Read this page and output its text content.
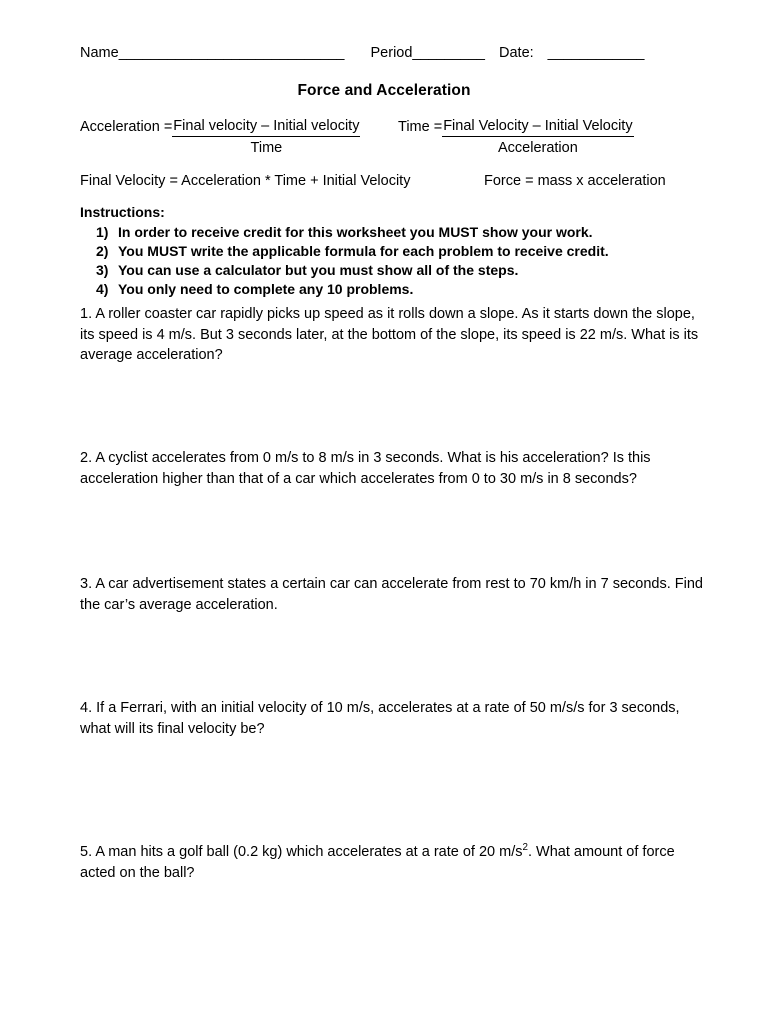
Name____________________________ Period_________ Date: ____________
Force and Acceleration
Acceleration = $\frac{\text{Final velocity – Initial velocity}}{\text{Time}}$	Time = $\frac{\text{Final Velocity – Initial Velocity}}{\text{Acceleration}}$
Final Velocity = Acceleration * Time + Initial Velocity	Force = mass x acceleration
Instructions:
1) In order to receive credit for this worksheet you MUST show your work.
2) You MUST write the applicable formula for each problem to receive credit.
3) You can use a calculator but you must show all of the steps.
4) You only need to complete any 10 problems.
1. A roller coaster car rapidly picks up speed as it rolls down a slope. As it starts down the slope, its speed is 4 m/s. But 3 seconds later, at the bottom of the slope, its speed is 22 m/s. What is its average acceleration?
2. A cyclist accelerates from 0 m/s to 8 m/s in 3 seconds. What is his acceleration? Is this acceleration higher than that of a car which accelerates from 0 to 30 m/s in 8 seconds?
3. A car advertisement states a certain car can accelerate from rest to 70 km/h in 7 seconds. Find the car’s average acceleration.
4. If a Ferrari, with an initial velocity of 10 m/s, accelerates at a rate of 50 m/s/s for 3 seconds, what will its final velocity be?
5. A man hits a golf ball (0.2 kg) which accelerates at a rate of 20 $m/s^2$. What amount of force acted on the ball?
